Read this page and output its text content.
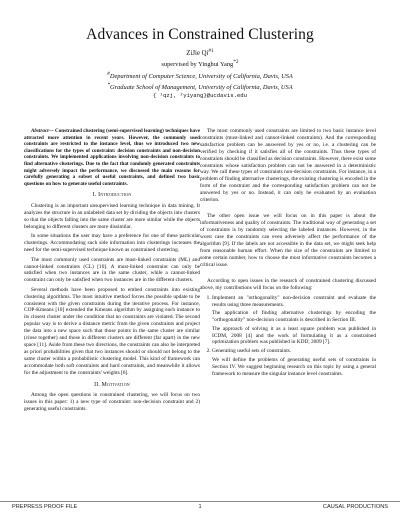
Advances in Constrained Clustering
ZiJie Qi$^{\#1}$
supervised by Yinghui Yang$^{*2}$
#Department of Computer Science, University of California, Davis, USA
*Graduate School of Management, University of California, Davis, USA
{ ¹qzj, ²yiyang}@ucdavis.edu

Abstract— Constrained clustering (semi-supervised learning) techniques have attracted more attention in recent years. However, the commonly used constraints are restricted to the instance level, thus we introduced two new classifications for the types of constraint: decision constraints and non-decision constraints. We implemented applications involving non-decision constraints to find alternative clusterings. Due to the fact that randomly generated constraints might adversely impact the performance, we discussed the main reasons for carefully generating a subset of useful constraints, and defined two basic questions on how to generate useful constraints.

I. Introduction

Clustering is an important unsupervised learning technique in data mining. It analyzes the structure in an unlabeled data set by dividing the objects into clusters so that the objects falling into the same cluster are more similar while the objects belonging to different clusters are more dissimilar.

In some situations the user may have a preference for one of these particular clusterings. Accommodating such side information into clusterings increases the need for the semi-supervised technique known as constrained clustering.

The most commonly used constraints are must-linked constraints (ML) and cannot-linked constraints (CL) [10]. A must-linked constraint can only be satisfied when two instances are in the same cluster, while a cannot-linked constraint can only be satisfied when two instances are in the different clusters.

Several methods have been proposed to embed constraints into existing clustering algorithms. The most intuitive method forces the possible update to be consistent with the given constraints during the iterative process. For instance, COP-Kmeans [10] extended the Kmeans algorithm by assigning each instance to its closest cluster under the condition that no constraints are violated. The second popular way is to derive a distance metric from the given constraints and project the data into a new space such that those points in the same cluster are similar (close together) and those in different clusters are different (far apart) in the new space [11]. Aside from these two directions, the constraints can also be interpreted as priori probabilities given that two instances should or should not belong to the same cluster within a probabilistic clustering model. This kind of framework can accommodate both soft constraints and hard constraints, and meanwhile it allows for the adjustment to the constraints' weights [6].

II. Motivation

Among the open questions in constrained clustering, we will focus on two issues in this paper: 1) a new type of constraint: non-decision constraint and 2) generating useful constraints.

The most commonly used constraints are limited to two basic instance level constraints (must-linked and cannot-linked constraints). And the corresponding satisfaction problem can be answered by yes or no, i.e. a clustering can be verified by checking if it satisfies all of the constraints. Thus these types of constraints should be classified as decision constraints. However, there exist some constraints whose satisfaction problem can not be answered in a deterministic way. We call these types of constraints non-decision constraints. For instance, in a problem of finding alternative clusterings, the existing clustering is encoded in the form of the constraint and the corresponding satisfaction problem can not be answered by yes or no. Instead, it can only be evaluated by an evaluation criterion.

The other open issue we will focus on in this paper is about the informativeness and quality of constraints. The traditional way of generating a set of constraints is by randomly selecting the labeled instances. However, in the worst case the constraints can even adversely affect the performance of the algorithm [9]. If the labels are not accessible in the data set, we might seek help from reasonable human effort. When the size of the constraints are limited to some certain number, how to choose the most informative constraints becomes a critical issue.

According to open issues in the research of constrained clustering discussed above, my contributions will focus on the following:

1. Implement an "orthogonality" non-decision constraint and evaluate the results using three measurements.

The application of finding alternative clusterings by encoding the "orthogonality" non-decision constraints is described in Section III.

The approach of solving it as a least square problem was published in ICDM, 2008 [4] and the work of formulating it as a constrained optimization problem was published in KDD, 2009 [7].

2. Generating useful sets of constraints.

We will define the problems of generating useful sets of constraints in Section IV. We suggest beginning research on this topic by using a general framework to measure the singular instance level constraints.

PREPRESS PROOF FILE	1	CAUSAL PRODUCTIONS
